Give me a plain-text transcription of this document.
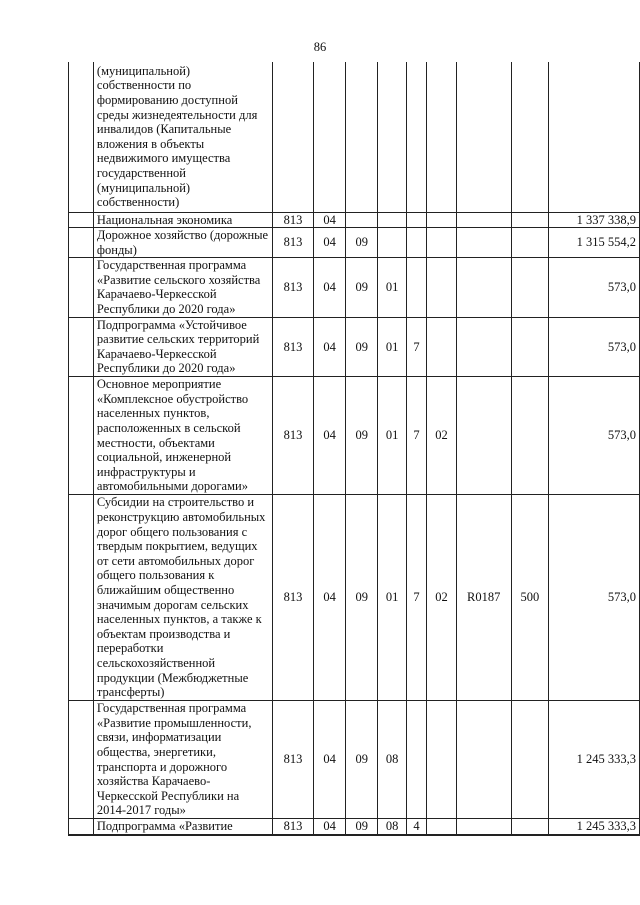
86
	(муниципальной) собственности по формированию доступной среды жизнедеятельности для инвалидов (Капитальные вложения в объекты недвижимого имущества государственной (муниципальной) собственности)									
	Национальная экономика	813	04							1 337 338,9
	Дорожное хозяйство (дорожные фонды)	813	04	09						1 315 554,2
	Государственная программа «Развитие сельского хозяйства Карачаево-Черкесской Республики до 2020 года»	813	04	09	01					573,0
	Подпрограмма «Устойчивое развитие сельских территорий Карачаево-Черкесской Республики до 2020 года»	813	04	09	01	7				573,0
	Основное мероприятие «Комплексное обустройство населенных пунктов, расположенных в сельской местности, объектами социальной, инженерной инфраструктуры и автомобильными дорогами»	813	04	09	01	7	02			573,0
	Субсидии на строительство и реконструкцию автомобильных дорог общего пользования с твердым покрытием, ведущих от сети автомобильных дорог общего пользования к ближайшим общественно значимым дорогам сельских населенных пунктов, а также к объектам производства и переработки сельскохозяйственной продукции (Межбюджетные трансферты)	813	04	09	01	7	02	R0187	500	573,0
	Государственная программа «Развитие промышленности, связи, информатизации общества, энергетики, транспорта и дорожного хозяйства Карачаево-Черкесской Республики на 2014-2017 годы»	813	04	09	08					1 245 333,3
	Подпрограмма «Развитие	813	04	09	08	4				1 245 333,3
